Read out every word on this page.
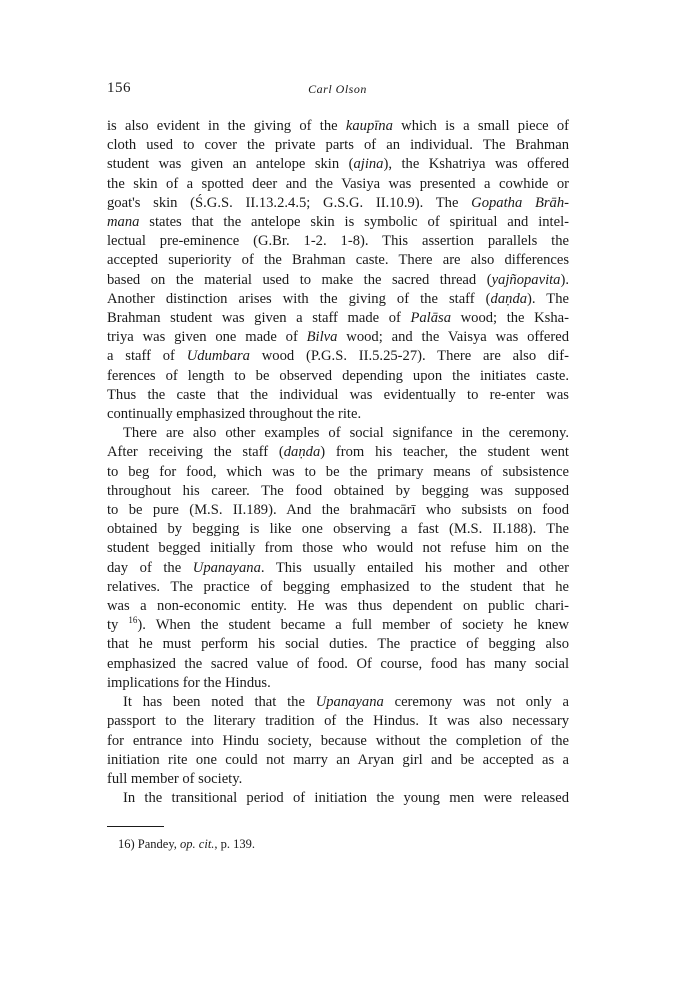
156	Carl Olson
is also evident in the giving of the kaupīna which is a small piece of
cloth used to cover the private parts of an individual. The Brahman
student was given an antelope skin (ajina), the Kshatriya was offered
the skin of a spotted deer and the Vasiya was presented a cowhide or
goat's skin (Ś.G.S. II.13.2.4.5; G.S.G. II.10.9). The Gopatha Brāh-
mana states that the antelope skin is symbolic of spiritual and intel-
lectual pre-eminence (G.Br. 1-2. 1-8). This assertion parallels the
accepted superiority of the Brahman caste. There are also differences
based on the material used to make the sacred thread (yajñopavita).
Another distinction arises with the giving of the staff (daṇda). The
Brahman student was given a staff made of Palāsa wood; the Ksha-
triya was given one made of Bilva wood; and the Vaisya was offered
a staff of Udumbara wood (P.G.S. II.5.25-27). There are also dif-
ferences of length to be observed depending upon the initiates caste.
Thus the caste that the individual was evidentually to re-enter was
continually emphasized throughout the rite.
There are also other examples of social signifance in the ceremony.
After receiving the staff (daṇda) from his teacher, the student went
to beg for food, which was to be the primary means of subsistence
throughout his career. The food obtained by begging was supposed
to be pure (M.S. II.189). And the brahmacārī who subsists on food
obtained by begging is like one observing a fast (M.S. II.188). The
student begged initially from those who would not refuse him on the
day of the Upanayana. This usually entailed his mother and other
relatives. The practice of begging emphasized to the student that he
was a non-economic entity. He was thus dependent on public chari-
ty $^{16}$). When the student became a full member of society he knew
that he must perform his social duties. The practice of begging also
emphasized the sacred value of food. Of course, food has many social
implications for the Hindus.
It has been noted that the Upanayana ceremony was not only a
passport to the literary tradition of the Hindus. It was also necessary
for entrance into Hindu society, because without the completion of the
initiation rite one could not marry an Aryan girl and be accepted as a
full member of society.
In the transitional period of initiation the young men were released
16) Pandey, op. cit., p. 139.
